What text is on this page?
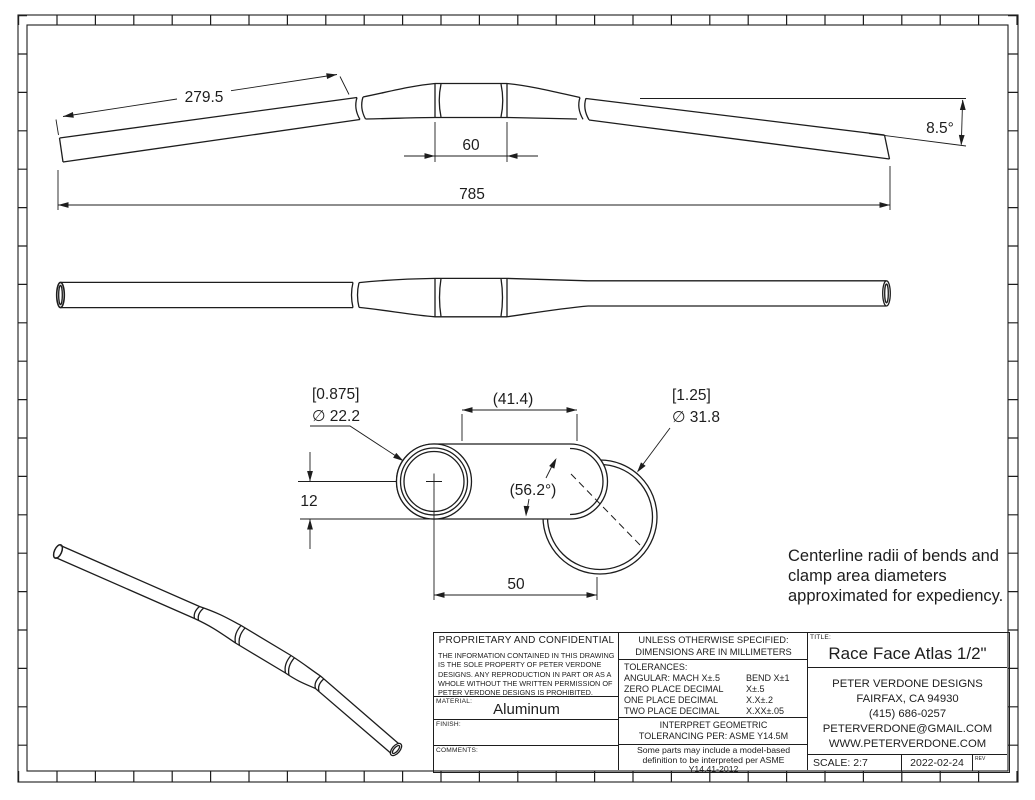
279.5
60
785
8.5°
[0.875]
∅ 22.2
[1.25]
∅ 31.8
(41.4)
(56.2°)
12
50
Centerline radii of bends and clamp area diameters approximated for expediency.
PROPRIETARY AND CONFIDENTIAL
THE INFORMATION CONTAINED IN THIS DRAWING IS THE SOLE PROPERTY OF PETER VERDONE DESIGNS. ANY REPRODUCTION IN PART OR AS A WHOLE WITHOUT THE WRITTEN PERMISSION OF PETER VERDONE DESIGNS IS PROHIBITED.
MATERIAL:	Aluminum
FINISH:
COMMENTS:
UNLESS OTHERWISE SPECIFIED:
DIMENSIONS ARE IN MILLIMETERS
TOLERANCES:
ANGULAR: MACH X±.5	BEND X±1
ZERO PLACE DECIMAL	X±.5
ONE PLACE DECIMAL	X.X±.2
TWO PLACE DECIMAL	X.XX±.05
INTERPRET GEOMETRIC
TOLERANCING PER: ASME Y14.5M
Some parts may include a model-based definition to be interpreted per ASME Y14.41-2012
TITLE:
Race Face Atlas 1/2"
PETER VERDONE DESIGNS
FAIRFAX, CA 94930
(415) 686-0257
PETERVERDONE@GMAIL.COM
WWW.PETERVERDONE.COM
SCALE: 2:7	2022-02-24	REV
